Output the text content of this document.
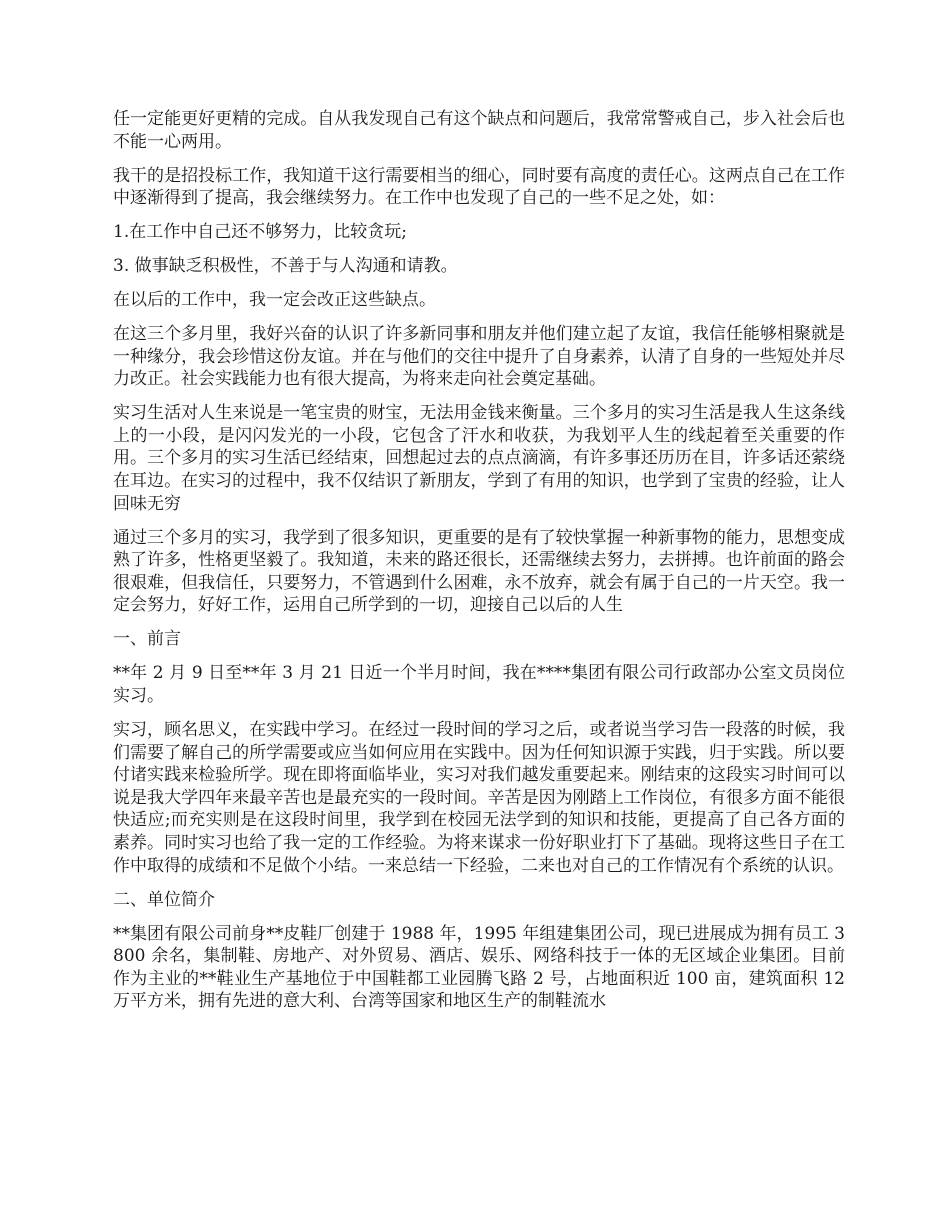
任一定能更好更精的完成。自从我发现自己有这个缺点和问题后，我常常警戒自己，步入社会后也不能一心两用。

我干的是招投标工作，我知道干这行需要相当的细心，同时要有高度的责任心。这两点自己在工作中逐渐得到了提高，我会继续努力。在工作中也发现了自己的一些不足之处，如：

1.在工作中自己还不够努力，比较贪玩;

3. 做事缺乏积极性，不善于与人沟通和请教。

在以后的工作中，我一定会改正这些缺点。

在这三个多月里，我好兴奋的认识了许多新同事和朋友并他们建立起了友谊，我信任能够相聚就是一种缘分，我会珍惜这份友谊。并在与他们的交往中提升了自身素养，认清了自身的一些短处并尽力改正。社会实践能力也有很大提高，为将来走向社会奠定基础。

实习生活对人生来说是一笔宝贵的财宝，无法用金钱来衡量。三个多月的实习生活是我人生这条线上的一小段，是闪闪发光的一小段，它包含了汗水和收获，为我划平人生的线起着至关重要的作用。三个多月的实习生活已经结束，回想起过去的点点滴滴，有许多事还历历在目，许多话还萦绕在耳边。在实习的过程中，我不仅结识了新朋友，学到了有用的知识，也学到了宝贵的经验，让人回味无穷

通过三个多月的实习，我学到了很多知识，更重要的是有了较快掌握一种新事物的能力，思想变成熟了许多，性格更坚毅了。我知道，未来的路还很长，还需继续去努力，去拼搏。也许前面的路会很艰难，但我信任，只要努力，不管遇到什么困难，永不放弃，就会有属于自己的一片天空。我一定会努力，好好工作，运用自己所学到的一切，迎接自己以后的人生

一、前言

**年 2 月 9 日至**年 3 月 21 日近一个半月时间，我在****集团有限公司行政部办公室文员岗位实习。

实习，顾名思义，在实践中学习。在经过一段时间的学习之后，或者说当学习告一段落的时候，我们需要了解自己的所学需要或应当如何应用在实践中。因为任何知识源于实践，归于实践。所以要付诸实践来检验所学。现在即将面临毕业，实习对我们越发重要起来。刚结束的这段实习时间可以说是我大学四年来最辛苦也是最充实的一段时间。辛苦是因为刚踏上工作岗位，有很多方面不能很快适应;而充实则是在这段时间里，我学到在校园无法学到的知识和技能，更提高了自己各方面的素养。同时实习也给了我一定的工作经验。为将来谋求一份好职业打下了基础。现将这些日子在工作中取得的成绩和不足做个小结。一来总结一下经验，二来也对自己的工作情况有个系统的认识。

二、单位简介

**集团有限公司前身**皮鞋厂创建于 1988 年，1995 年组建集团公司，现已进展成为拥有员工 3800 余名，集制鞋、房地产、对外贸易、酒店、娱乐、网络科技于一体的无区域企业集团。目前作为主业的**鞋业生产基地位于中国鞋都工业园腾飞路 2 号，占地面积近 100 亩，建筑面积 12 万平方米，拥有先进的意大利、台湾等国家和地区生产的制鞋流水
